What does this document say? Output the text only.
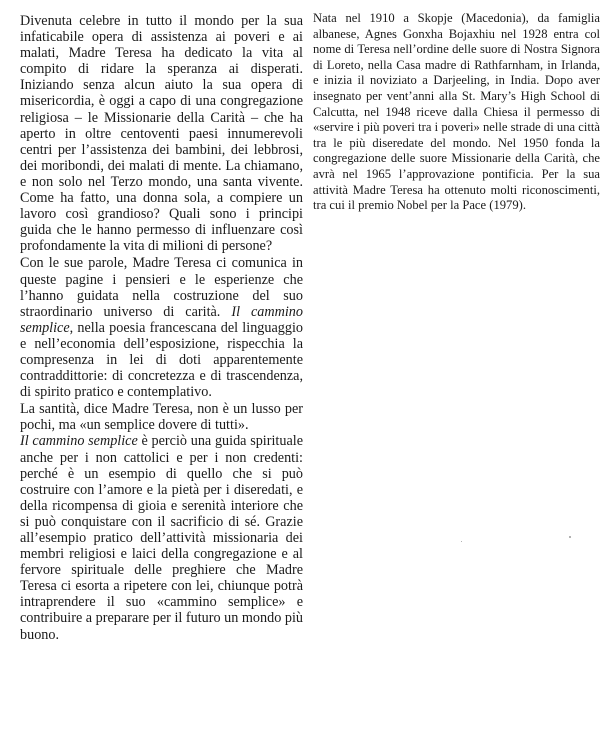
Divenuta celebre in tutto il mondo per la sua infaticabile opera di assistenza ai poveri e ai malati, Madre Teresa ha dedicato la vita al compito di ridare la speranza ai disperati. Iniziando senza alcun aiuto la sua opera di misericordia, è oggi a capo di una congregazione religiosa – le Missionarie della Carità – che ha aperto in oltre centoventi paesi innumerevoli centri per l’assistenza dei bambini, dei lebbrosi, dei moribondi, dei malati di mente. La chiamano, e non solo nel Terzo mondo, una santa vivente. Come ha fatto, una donna sola, a compiere un lavoro così grandioso? Quali sono i principi guida che le hanno permesso di influenzare così profondamente la vita di milioni di persone?

Con le sue parole, Madre Teresa ci comunica in queste pagine i pensieri e le esperienze che l’hanno guidata nella costruzione del suo straordinario universo di carità. Il cammino semplice, nella poesia francescana del linguaggio e nell’economia dell’esposizione, rispecchia la compresenza in lei di doti apparentemente contraddittorie: di concretezza e di trascendenza, di spirito pratico e contemplativo.

La santità, dice Madre Teresa, non è un lusso per pochi, ma «un semplice dovere di tutti».
Il cammino semplice è perciò una guida spirituale anche per i non cattolici e per i non credenti: perché è un esempio di quello che si può costruire con l’amore e la pietà per i diseredati, e della ricompensa di gioia e serenità interiore che si può conquistare con il sacrificio di sé. Grazie all’esempio pratico dell’attività missionaria dei membri religiosi e laici della congregazione e al fervore spirituale delle preghiere che Madre Teresa ci esorta a ripetere con lei, chiunque potrà intraprendere il suo «cammino semplice» e contribuire a preparare per il futuro un mondo più buono.

Nata nel 1910 a Skopje (Macedonia), da famiglia albanese, Agnes Gonxha Bojaxhiu nel 1928 entra col nome di Teresa nell’ordine delle suore di Nostra Signora di Loreto, nella Casa madre di Rathfarnham, in Irlanda, e inizia il noviziato a Darjeeling, in India. Dopo aver insegnato per vent’anni alla St. Mary’s High School di Calcutta, nel 1948 riceve dalla Chiesa il permesso di «servire i più poveri tra i poveri» nelle strade di una città tra le più diseredate del mondo. Nel 1950 fonda la congregazione delle suore Missionarie della Carità, che avrà nel 1965 l’approvazione pontificia. Per la sua attività Madre Teresa ha ottenuto molti riconoscimenti, tra cui il premio Nobel per la Pace (1979).
